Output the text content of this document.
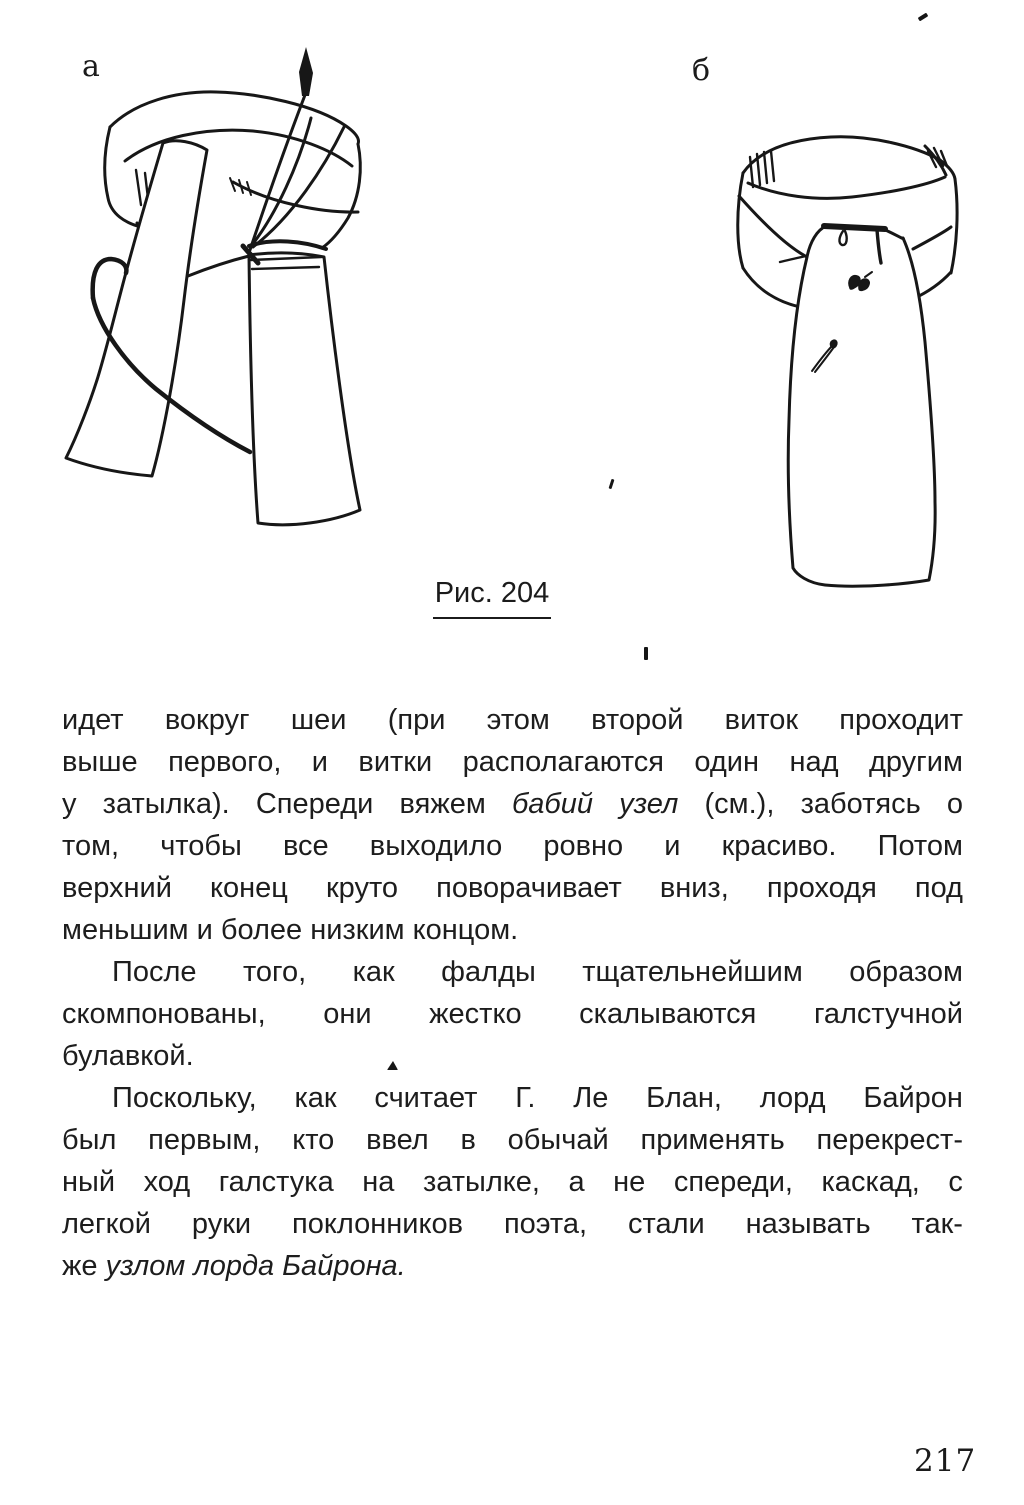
а	б
Рис. 204
идет вокруг шеи (при этом второй виток проходит
выше первого, и витки располагаются один над другим
у затылка). Спереди вяжем бабий узел (см.), заботясь о
том, чтобы все выходило ровно и красиво. Потом
верхний конец круто поворачивает вниз, проходя под
меньшим и более низким концом.
После того, как фалды тщательнейшим образом
скомпонованы, они жестко скалываются галстучной
булавкой.
Поскольку, как считает Г. Ле Блан, лорд Байрон
был первым, кто ввел в обычай применять перекрест-
ный ход галстука на затылке, а не спереди, каскад, с
легкой руки поклонников поэта, стали называть так-
же узлом лорда Байрона.
217
